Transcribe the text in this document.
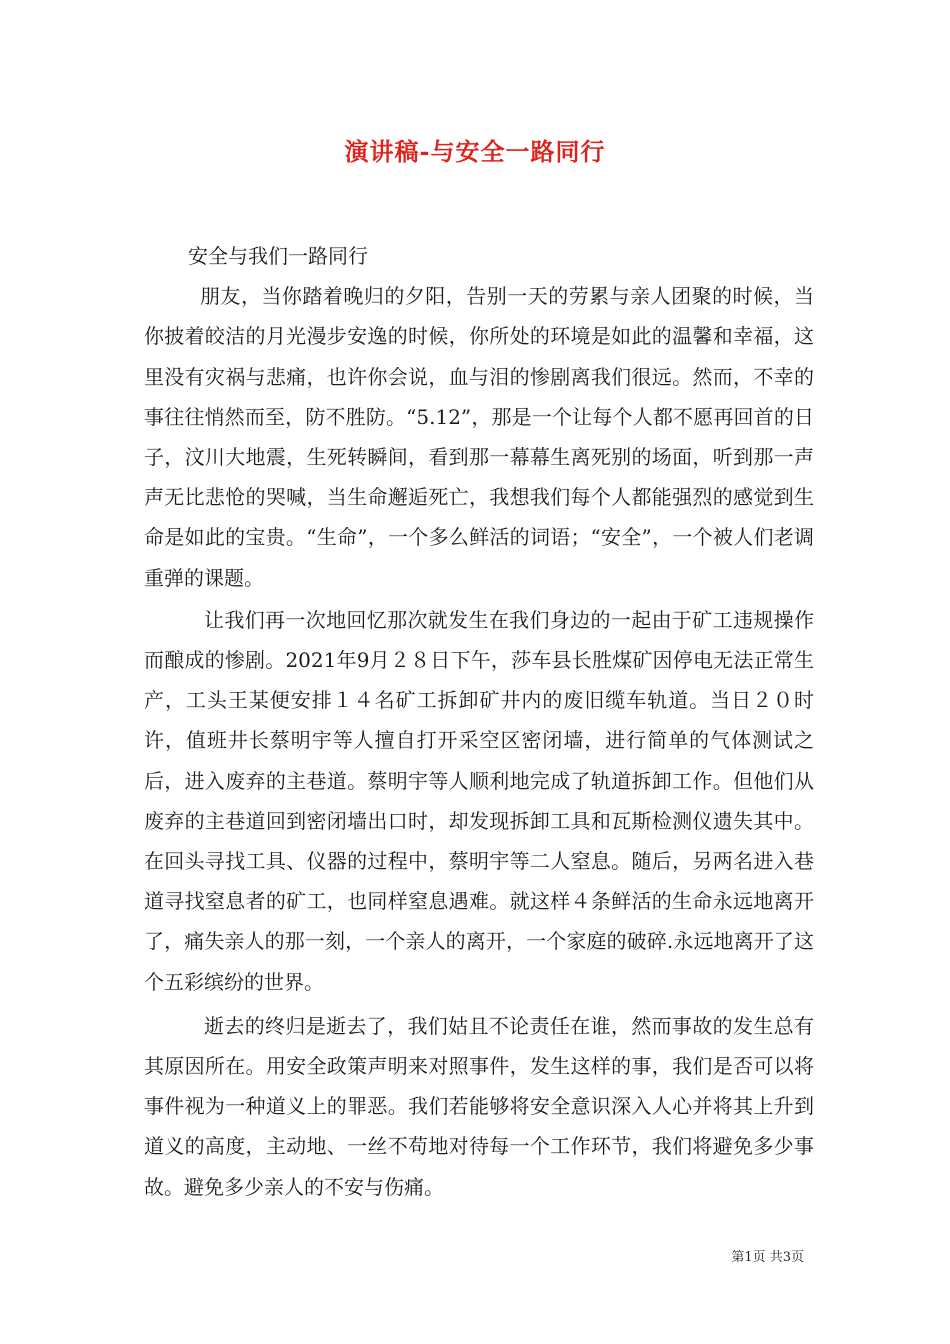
演讲稿-与安全一路同行

安全与我们一路同行

朋友，当你踏着晚归的夕阳，告别一天的劳累与亲人团聚的时候，当你披着皎洁的月光漫步安逸的时候，你所处的环境是如此的温馨和幸福，这里没有灾祸与悲痛，也许你会说，血与泪的惨剧离我们很远。然而，不幸的事往往悄然而至，防不胜防。“5.12”，那是一个让每个人都不愿再回首的日子，汶川大地震，生死转瞬间，看到那一幕幕生离死别的场面，听到那一声声无比悲怆的哭喊，当生命邂逅死亡，我想我们每个人都能强烈的感觉到生命是如此的宝贵。“生命”，一个多么鲜活的词语；“安全”，一个被人们老调重弹的课题。

让我们再一次地回忆那次就发生在我们身边的一起由于矿工违规操作而酿成的惨剧。2021年9月２８日下午，莎车县长胜煤矿因停电无法正常生产，工头王某便安排１４名矿工拆卸矿井内的废旧缆车轨道。当日２０时许，值班井长蔡明宇等人擅自打开采空区密闭墙，进行简单的气体测试之后，进入废弃的主巷道。蔡明宇等人顺利地完成了轨道拆卸工作。但他们从废弃的主巷道回到密闭墙出口时，却发现拆卸工具和瓦斯检测仪遗失其中。在回头寻找工具、仪器的过程中，蔡明宇等二人窒息。随后，另两名进入巷道寻找窒息者的矿工，也同样窒息遇难。就这样４条鲜活的生命永远地离开了，痛失亲人的那一刻，一个亲人的离开，一个家庭的破碎.永远地离开了这个五彩缤纷的世界。

逝去的终归是逝去了，我们姑且不论责任在谁，然而事故的发生总有其原因所在。用安全政策声明来对照事件，发生这样的事，我们是否可以将事件视为一种道义上的罪恶。我们若能够将安全意识深入人心并将其上升到道义的高度，主动地、一丝不苟地对待每一个工作环节，我们将避免多少事故。避免多少亲人的不安与伤痛。

第1页 共3页
